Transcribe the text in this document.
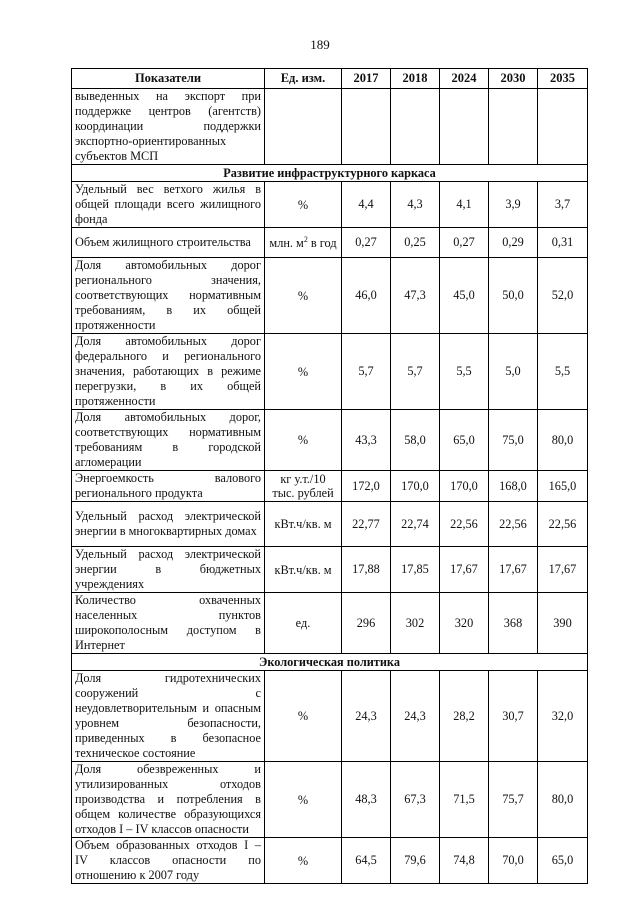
189
Показатели	Ед. изм.	2017	2018	2024	2030	2035
выведенных на экспорт при поддержке центров (агентств) координации поддержки экспортно-ориентированных субъектов МСП						
Развитие инфраструктурного каркаса						
Удельный вес ветхого жилья в общей площади всего жилищного фонда	%	4,4	4,3	4,1	3,9	3,7
Объем жилищного строительства	млн. $м^2$ в год	0,27	0,25	0,27	0,29	0,31
Доля автомобильных дорог регионального значения, соответствующих нормативным требованиям, в их общей протяженности	%	46,0	47,3	45,0	50,0	52,0
Доля автомобильных дорог федерального и регионального значения, работающих в режиме перегрузки, в их общей протяженности	%	5,7	5,7	5,5	5,0	5,5
Доля автомобильных дорог, соответствующих нормативным требованиям в городской агломерации	%	43,3	58,0	65,0	75,0	80,0
Энергоемкость валового регионального продукта	кг у.т./10 тыс. рублей	172,0	170,0	170,0	168,0	165,0
Удельный расход электрической энергии в многоквартирных домах	кВт.ч/кв. м	22,77	22,74	22,56	22,56	22,56
Удельный расход электрической энергии в бюджетных учреждениях	кВт.ч/кв. м	17,88	17,85	17,67	17,67	17,67
Количество охваченных населенных пунктов широкополосным доступом в Интернет	ед.	296	302	320	368	390
Экологическая политика						
Доля гидротехнических сооружений с неудовлетворительным и опасным уровнем безопасности, приведенных в безопасное техническое состояние	%	24,3	24,3	28,2	30,7	32,0
Доля обезвреженных и утилизированных отходов производства и потребления в общем количестве образующихся отходов I – IV классов опасности	%	48,3	67,3	71,5	75,7	80,0
Объем образованных отходов I – IV классов опасности по отношению к 2007 году	%	64,5	79,6	74,8	70,0	65,0
